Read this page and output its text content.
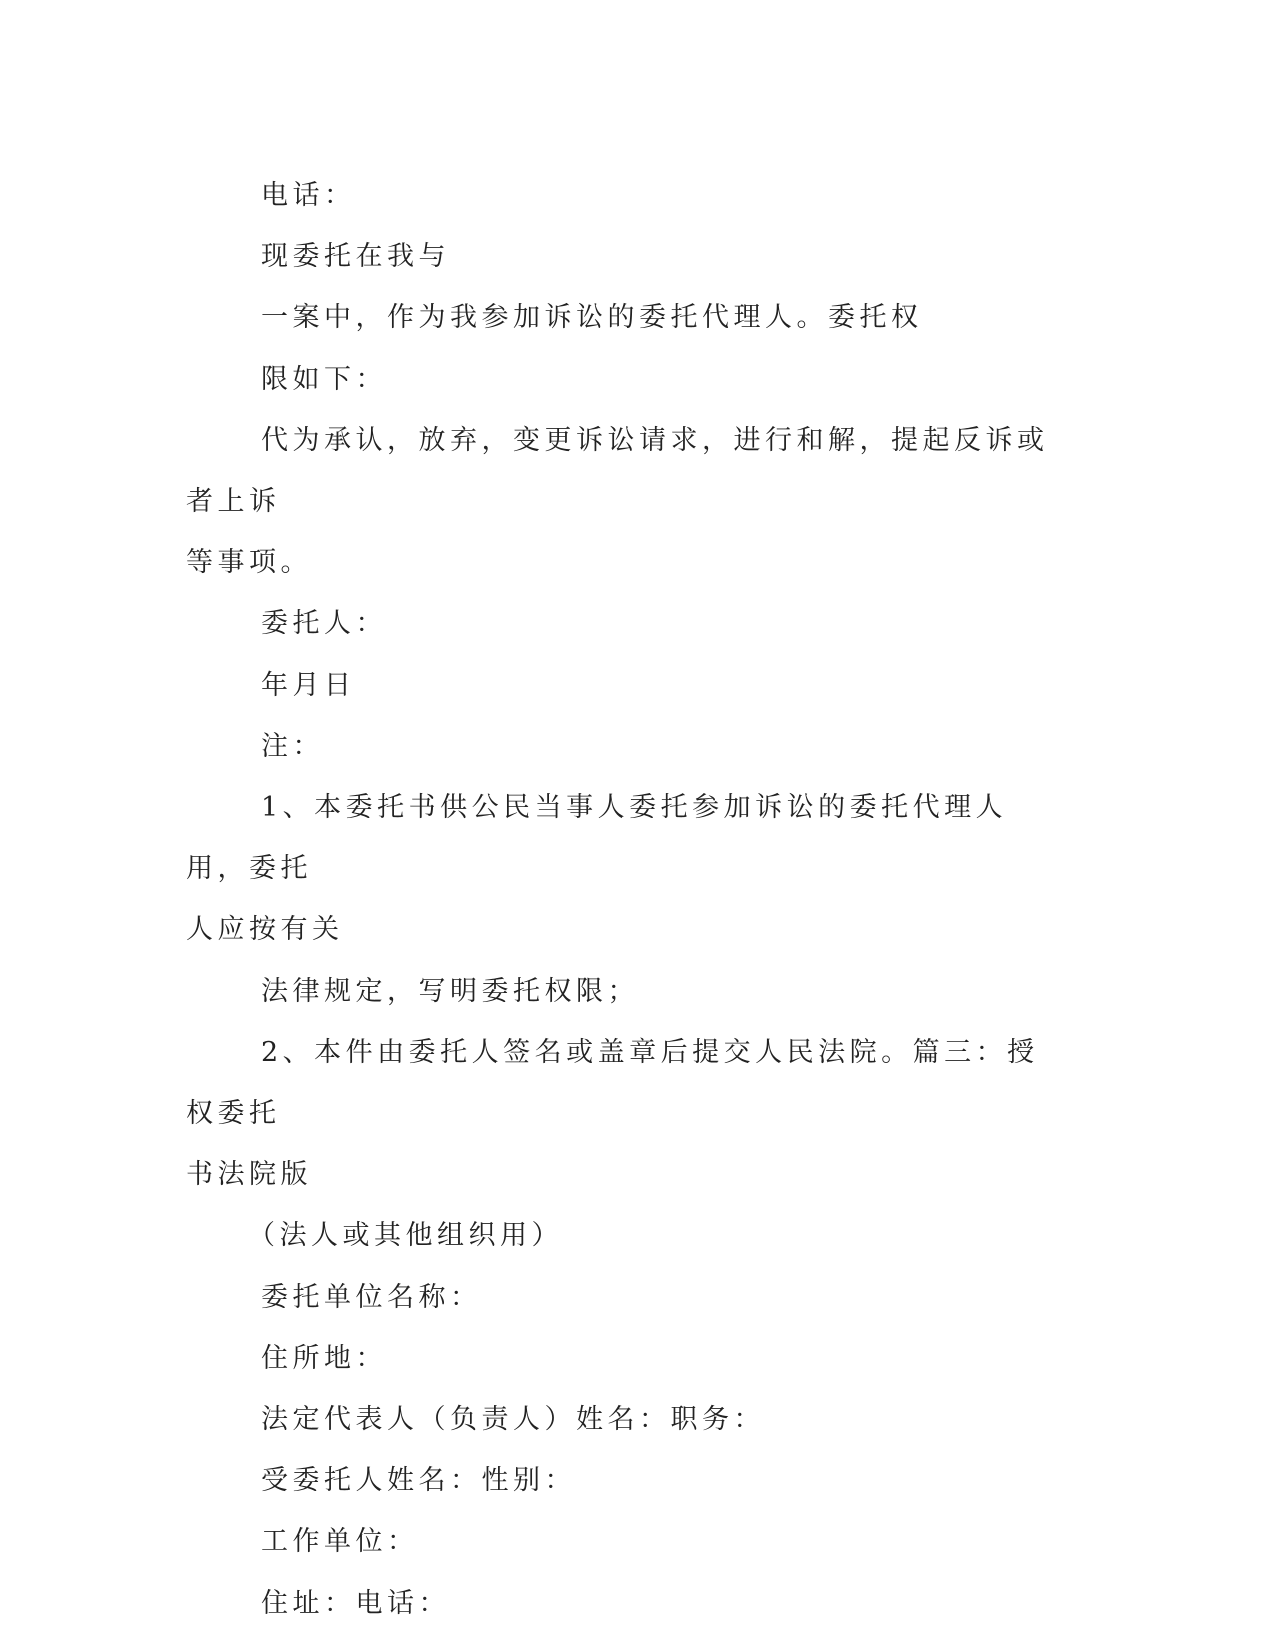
电话：

现委托在我与

一案中，作为我参加诉讼的委托代理人。委托权

限如下：

代为承认，放弃，变更诉讼请求，进行和解，提起反诉或者上诉

等事项。

委托人：

年月日

注：

1、本委托书供公民当事人委托参加诉讼的委托代理人用，委托

人应按有关

法律规定，写明委托权限；

2、本件由委托人签名或盖章后提交人民法院。篇三：授权委托

书法院版

（法人或其他组织用）

委托单位名称：

住所地：

法定代表人（负责人）姓名：职务：

受委托人姓名：性别：

工作单位：

住址：电话：
